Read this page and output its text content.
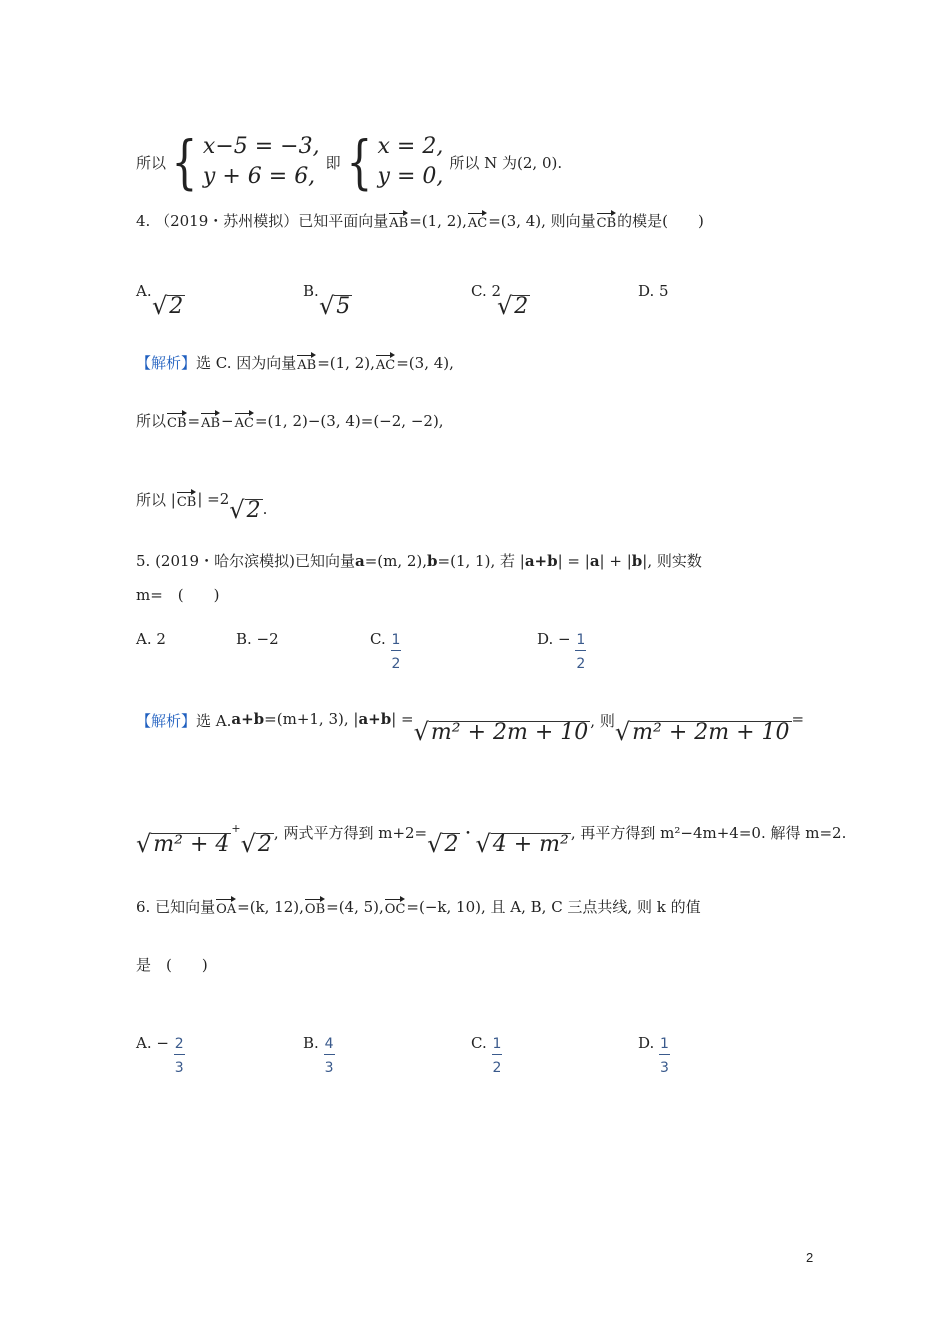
所以 { x−5 = −3,
y + 6 = 6,
即 { x = 2,
y = 0,
所以 N 为(2, 0).
4. （2019・苏州模拟）已知平面向量 AB =(1, 2), AC =(3, 4), 则向量 CB 的模是(　　)
A.
√ 2
B.
√ 5
C. 2
√ 2
D. 5
【解析】 选 C. 因为向量 AB =(1, 2), AC =(3, 4),
所以 CB = AB − AC =(1, 2)−(3, 4)=(−2, −2),
所以 | CB | =2 √ 2 .
5. (2019・哈尔滨模拟)已知向量 a =(m, 2), b =(1, 1), 若 | a+b | = | a | + | b |, 则实数
m=　(　　)
A. 2	B. −2	C. $\frac{1}{2}$	D. − $\frac{1}{2}$
【解析】 选 A. a+b =(m+1, 3), | a+b | = √ m² + 2m + 10 , 则 √ m² + 2m + 10
=
√ m² + 4
+
√ 2 , 两式平方得到 m+2= √ 2 ・ √ 4 + m² , 再平方得到 m²−4m+4=0. 解得 m=2.
6. 已知向量 OA =(k, 12), OB =(4, 5), OC =(−k, 10), 且 A, B, C 三点共线, 则 k 的值
是　(　　)
A. − $\frac{2}{3}$	B. $\frac{4}{3}$	C. $\frac{1}{2}$	D. $\frac{1}{3}$
2
